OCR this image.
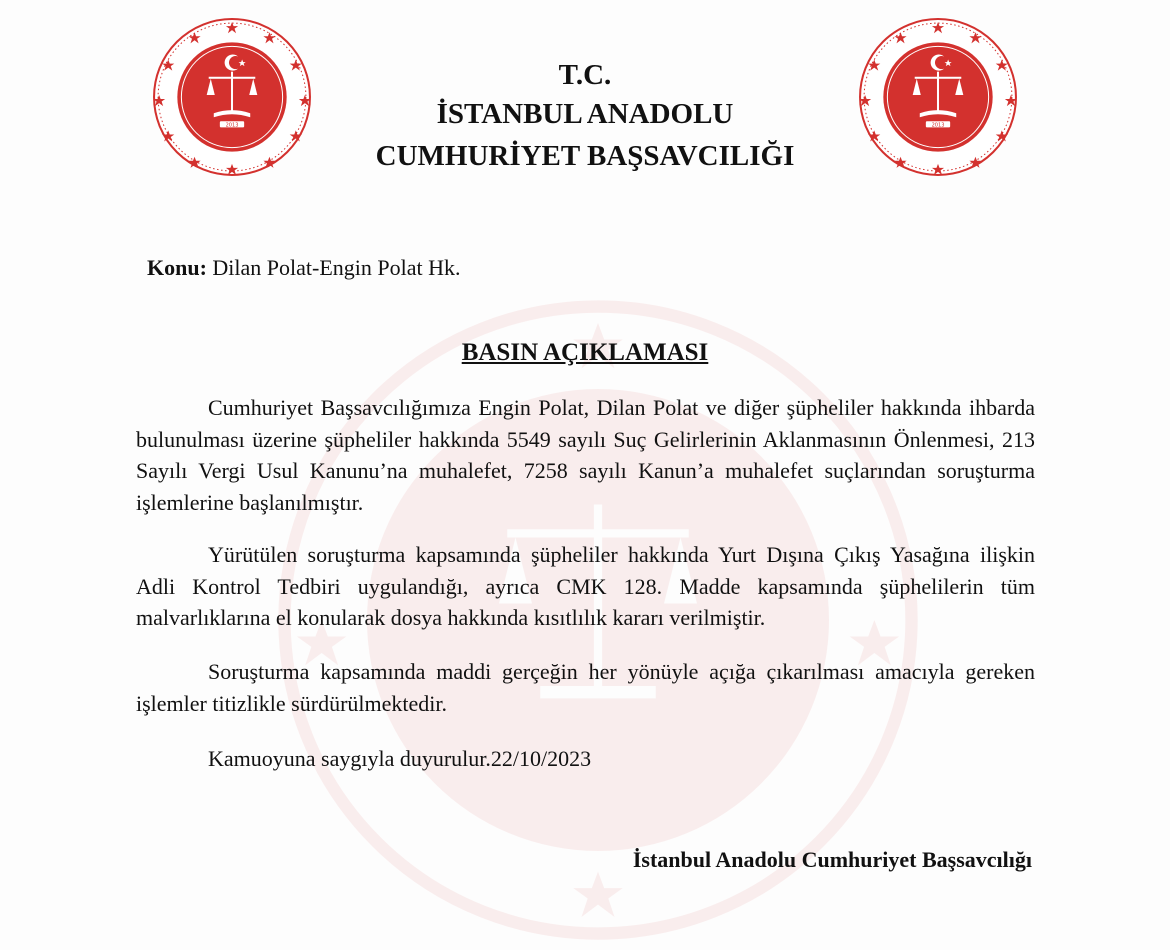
2013	2013
T.C.
İSTANBUL ANADOLU
CUMHURİYET BAŞSAVCILIĞI
Konu: Dilan Polat-Engin Polat Hk.
BASIN AÇIKLAMASI
Cumhuriyet Başsavcılığımıza Engin Polat, Dilan Polat ve diğer şüpheliler hakkında ihbarda bulunulması üzerine şüpheliler hakkında 5549 sayılı Suç Gelirlerinin Aklanmasının Önlenmesi, 213 Sayılı Vergi Usul Kanunu’na muhalefet, 7258 sayılı Kanun’a muhalefet suçlarından soruşturma işlemlerine başlanılmıştır.
Yürütülen soruşturma kapsamında şüpheliler hakkında Yurt Dışına Çıkış Yasağına ilişkin Adli Kontrol Tedbiri uygulandığı, ayrıca CMK 128. Madde kapsamında şüphelilerin tüm malvarlıklarına el konularak dosya hakkında kısıtlılık kararı verilmiştir.
Soruşturma kapsamında maddi gerçeğin her yönüyle açığa çıkarılması amacıyla gereken işlemler titizlikle sürdürülmektedir.
Kamuoyuna saygıyla duyurulur.22/10/2023
İstanbul Anadolu Cumhuriyet Başsavcılığı
